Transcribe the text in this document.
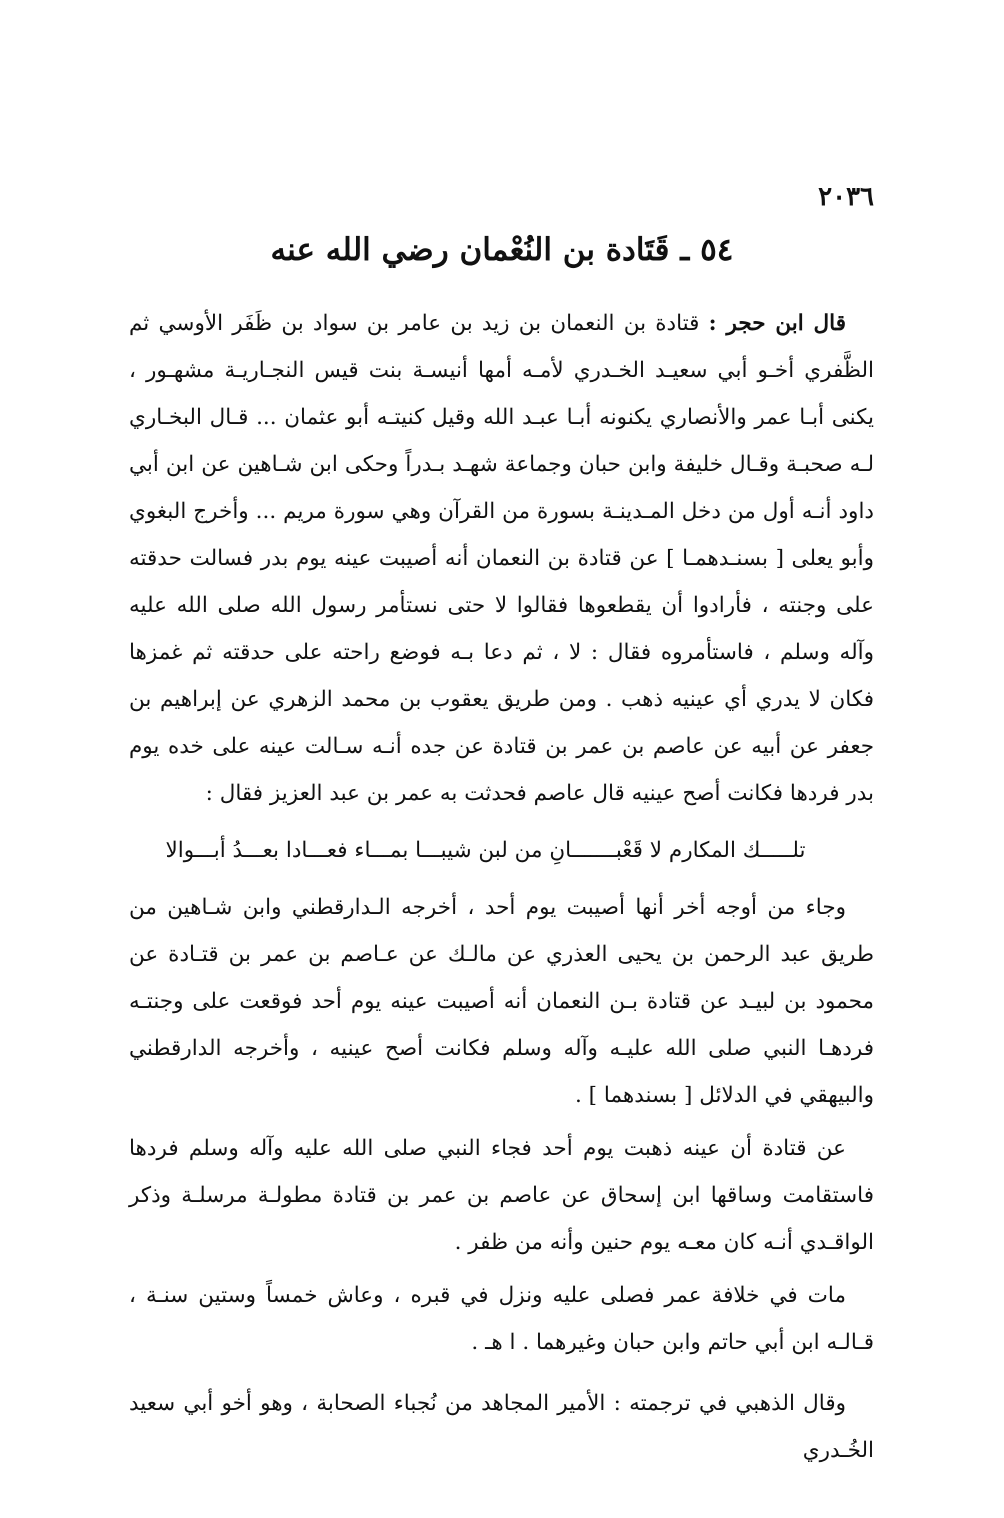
٢٠٣٦
٥٤ ـ قَتَادة بن النُعْمان رضي الله عنه

قال ابن حجر : قتادة بن النعمان بن زيد بن عامر بن سواد بن ظَفَر الأوسي ثم الظَّفري أخـو أبي سعيـد الخـدري لأمـه أمها أنيسـة بنت قيس النجـاريـة مشهـور ، يكنى أبـا عمر والأنصاري يكنونه أبـا عبـد الله وقيل كنيتـه أبو عثمان ... قـال البخـاري لـه صحبـة وقـال خليفة وابن حبان وجماعة شهـد بـدراً وحكى ابن شـاهين عن ابن أبي داود أنـه أول من دخل المـدينـة بسورة من القرآن وهي سورة مريم ... وأخرج البغوي وأبو يعلى [ بسنـدهمـا ] عن قتادة بن النعمان أنه أصيبت عينه يوم بدر فسالت حدقته على وجنته ، فأرادوا أن يقطعوها فقالوا لا حتى نستأمر رسول الله صلى الله عليه وآله وسلم ، فاستأمروه فقال : لا ، ثم دعا بـه فوضع راحته على حدقته ثم غمزها فكان لا يدري أي عينيه ذهب . ومن طريق يعقوب بن محمد الزهري عن إبراهيم بن جعفر عن أبيه عن عاصم بن عمر بن قتادة عن جده أنـه سـالت عينه على خده يوم بدر فردها فكانت أصح عينيه قال عاصم فحدثت به عمر بن عبد العزيز فقال :

تلـــــك المكارم لا قَعْبـــــــانِ من لبن شيبـــا بمـــاء فعـــادا بعـــدُ أبـــوالا

وجاء من أوجه أخر أنها أصيبت يوم أحد ، أخرجه الـدارقطني وابن شـاهين من طريق عبد الرحمن بن يحيى العذري عن مالـك عن عـاصم بن عمر بن قتـادة عن محمود بن لبيـد عن قتادة بـن النعمان أنه أصيبت عينه يوم أحد فوقعت على وجنتـه فردهـا النبي صلى الله عليـه وآله وسلم فكانت أصح عينيه ، وأخرجه الدارقطني والبيهقي في الدلائل [ بسندهما ] .

عن قتادة أن عينه ذهبت يوم أحد فجاء النبي صلى الله عليه وآله وسلم فردها فاستقامت وساقها ابن إسحاق عن عاصم بن عمر بن قتادة مطولـة مرسلـة وذكر الواقـدي أنـه كان معـه يوم حنين وأنه من ظفر .

مات في خلافة عمر فصلى عليه ونزل في قبره ، وعاش خمساً وستين سنـة ، قـالـه ابن أبي حاتم وابن حبان وغيرهما . ا هـ .

وقال الذهبي في ترجمته : الأمير المجاهد من نُجباء الصحابة ، وهو أخو أبي سعيد الخُـدري
